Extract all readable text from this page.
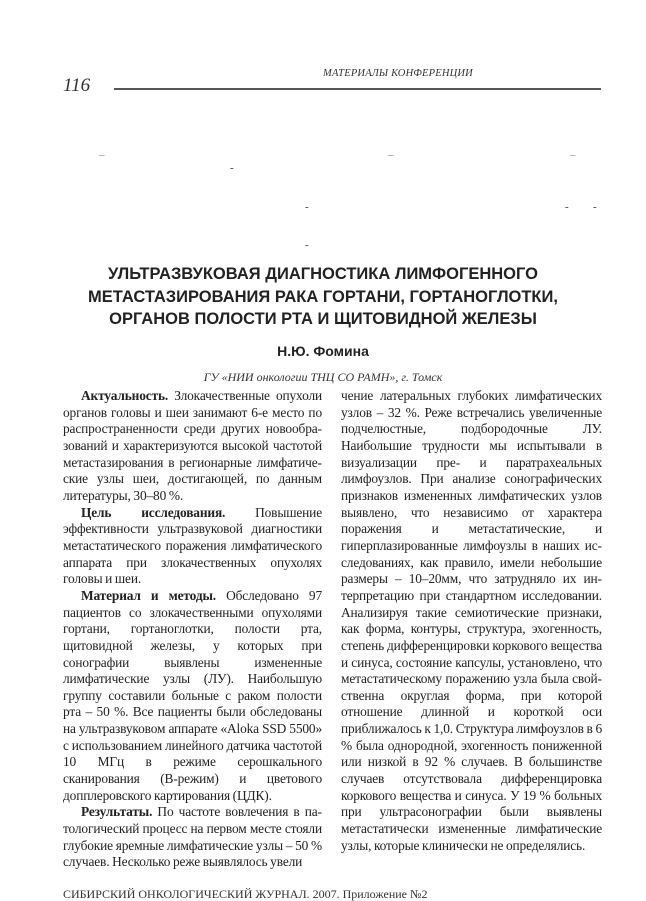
МАТЕРИАЛЫ КОНФЕРЕНЦИИ
116
–	–	–
-
-	- -
-
УЛЬТРАЗВУКОВАЯ ДИАГНОСТИКА ЛИМФОГЕННОГО
МЕТАСТАЗИРОВАНИЯ РАКА ГОРТАНИ, ГОРТАНОГЛОТКИ,
ОРГАНОВ ПОЛОСТИ РТА И ЩИТОВИДНОЙ ЖЕЛЕЗЫ
Н.Ю. Фомина
ГУ «НИИ онкологии ТНЦ СО РАМН», г. Томск

Актуальность. Злокачественные опухоли органов головы и шеи занимают 6-е место по распространенности среди других новообразований и характеризуются высокой частотой метастазирования в регионарные лимфатические узлы шеи, достигающей, по данным литературы, 30–80 %.

Цель исследования. Повышение эффективности ультразвуковой диагностики метастатического поражения лимфатического аппарата при злокачественных опухолях головы и шеи.

Материал и методы. Обследовано 97 пациентов со злокачественными опухолями гортани, гортаноглотки, полости рта, щитовидной железы, у которых при сонографии выявлены измененные лимфатические узлы (ЛУ). Наибольшую группу составили больные с раком полости рта – 50 %. Все пациенты были обследованы на ультразвуковом аппарате «Aloka SSD 5500» с использованием линейного датчика частотой 10 МГц в режиме серошкального сканирования (В-режим) и цветового допплеровского картирования (ЦДК).

Результаты. По частоте вовлечения в патологический процесс на первом месте стояли глубокие яремные лимфатические узлы – 50 % случаев. Несколько реже выявлялось увели

чение латеральных глубоких лимфатических узлов – 32 %. Реже встречались увеличенные подчелюстные, подбородочные ЛУ. Наибольшие трудности мы испытывали в визуализации пре- и паратрахеальных лимфоузлов. При анализе сонографических признаков измененных лимфатических узлов выявлено, что независимо от характера поражения и метастатические, и гиперплазированные лимфоузлы в наших исследованиях, как правило, имели небольшие размеры – 10–20мм, что затрудняло их интерпретацию при стандартном исследовании. Анализируя такие семиотические признаки, как форма, контуры, структура, эхогенность, степень дифференцировки коркового вещества и синуса, состояние капсулы, установлено, что метастатическому поражению узла была свойственна округлая форма, при которой отношение длинной и короткой оси приближалось к 1,0. Структура лимфоузлов в 6 % была однородной, эхогенность пониженной или низкой в 92 % случаев. В большинстве случаев отсутствовала дифференцировка коркового вещества и синуса. У 19 % больных при ультрасонографии были выявлены метастатически измененные лимфатические узлы, которые клинически не определялись.

СИБИРСКИЙ ОНКОЛОГИЧЕСКИЙ ЖУРНАЛ. 2007. Приложение №2
